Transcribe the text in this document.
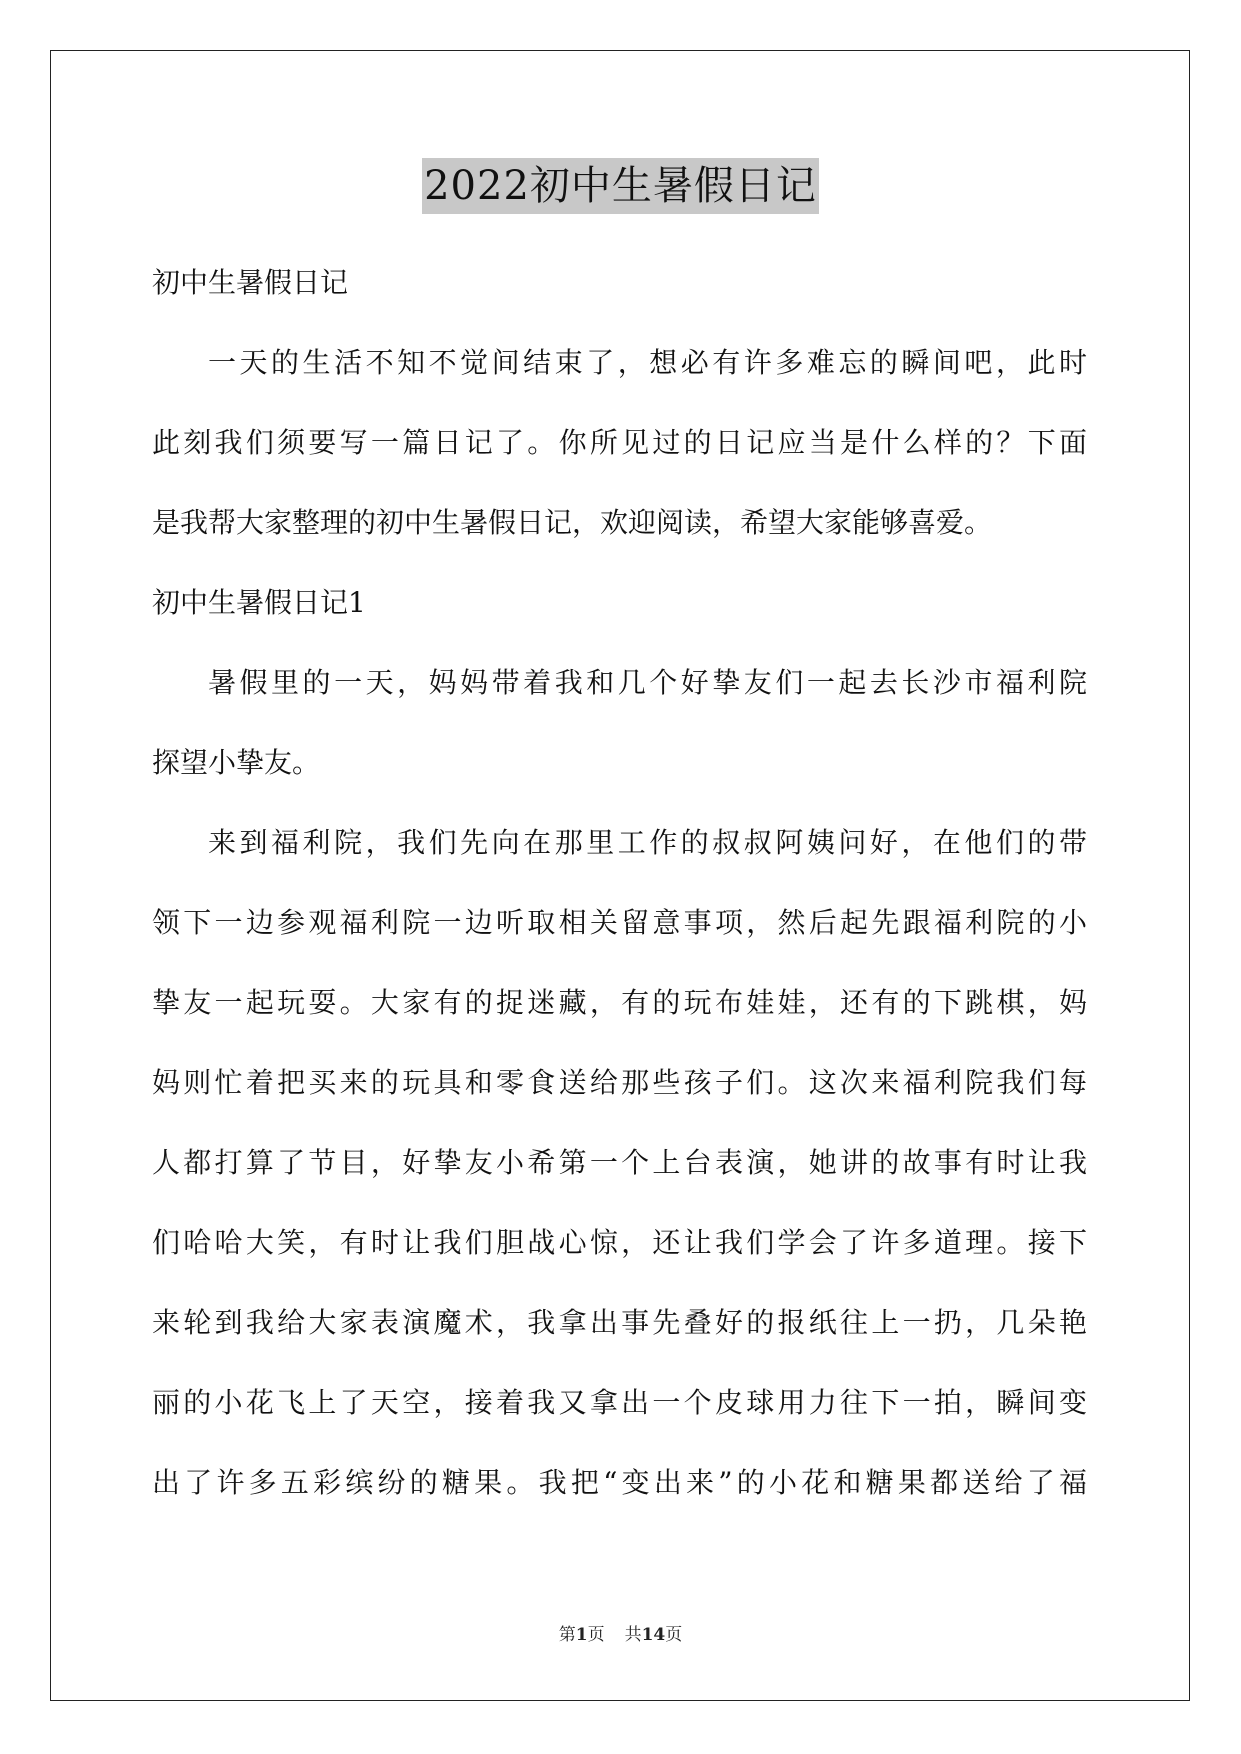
2022初中生暑假日记
初中生暑假日记
一天的生活不知不觉间结束了，想必有许多难忘的瞬间吧，此时
此刻我们须要写一篇日记了。你所见过的日记应当是什么样的？下面
是我帮大家整理的初中生暑假日记，欢迎阅读，希望大家能够喜爱。
初中生暑假日记1
暑假里的一天，妈妈带着我和几个好挚友们一起去长沙市福利院
探望小挚友。
来到福利院，我们先向在那里工作的叔叔阿姨问好，在他们的带
领下一边参观福利院一边听取相关留意事项，然后起先跟福利院的小
挚友一起玩耍。大家有的捉迷藏，有的玩布娃娃，还有的下跳棋，妈
妈则忙着把买来的玩具和零食送给那些孩子们。这次来福利院我们每
人都打算了节目，好挚友小希第一个上台表演，她讲的故事有时让我
们哈哈大笑，有时让我们胆战心惊，还让我们学会了许多道理。接下
来轮到我给大家表演魔术，我拿出事先叠好的报纸往上一扔，几朵艳
丽的小花飞上了天空，接着我又拿出一个皮球用力往下一拍，瞬间变
出了许多五彩缤纷的糖果。我把“变出来”的小花和糖果都送给了福
第1页 共14页
